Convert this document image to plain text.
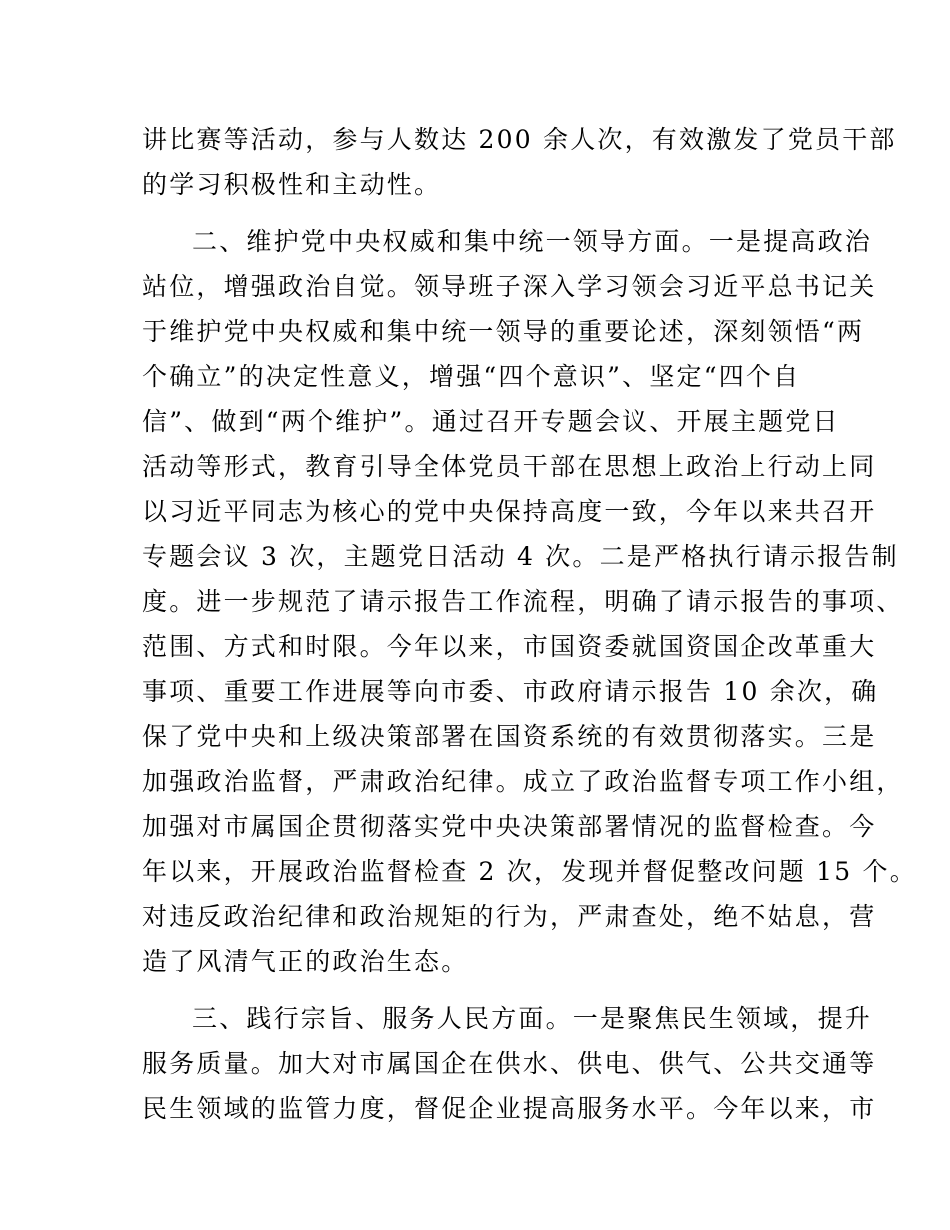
讲比赛等活动，参与人数达 200 余人次，有效激发了党员干部
的学习积极性和主动性。
二、维护党中央权威和集中统一领导方面。一是提高政治
站位，增强政治自觉。领导班子深入学习领会习近平总书记关
于维护党中央权威和集中统一领导的重要论述，深刻领悟“两
个确立”的决定性意义，增强“四个意识”、坚定“四个自
信”、做到“两个维护”。通过召开专题会议、开展主题党日
活动等形式，教育引导全体党员干部在思想上政治上行动上同
以习近平同志为核心的党中央保持高度一致，今年以来共召开
专题会议 3 次，主题党日活动 4 次。二是严格执行请示报告制
度。进一步规范了请示报告工作流程，明确了请示报告的事项、
范围、方式和时限。今年以来，市国资委就国资国企改革重大
事项、重要工作进展等向市委、市政府请示报告 10 余次，确
保了党中央和上级决策部署在国资系统的有效贯彻落实。三是
加强政治监督，严肃政治纪律。成立了政治监督专项工作小组，
加强对市属国企贯彻落实党中央决策部署情况的监督检查。今
年以来，开展政治监督检查 2 次，发现并督促整改问题 15 个。
对违反政治纪律和政治规矩的行为，严肃查处，绝不姑息，营
造了风清气正的政治生态。
三、践行宗旨、服务人民方面。一是聚焦民生领域，提升
服务质量。加大对市属国企在供水、供电、供气、公共交通等
民生领域的监管力度，督促企业提高服务水平。今年以来，市
